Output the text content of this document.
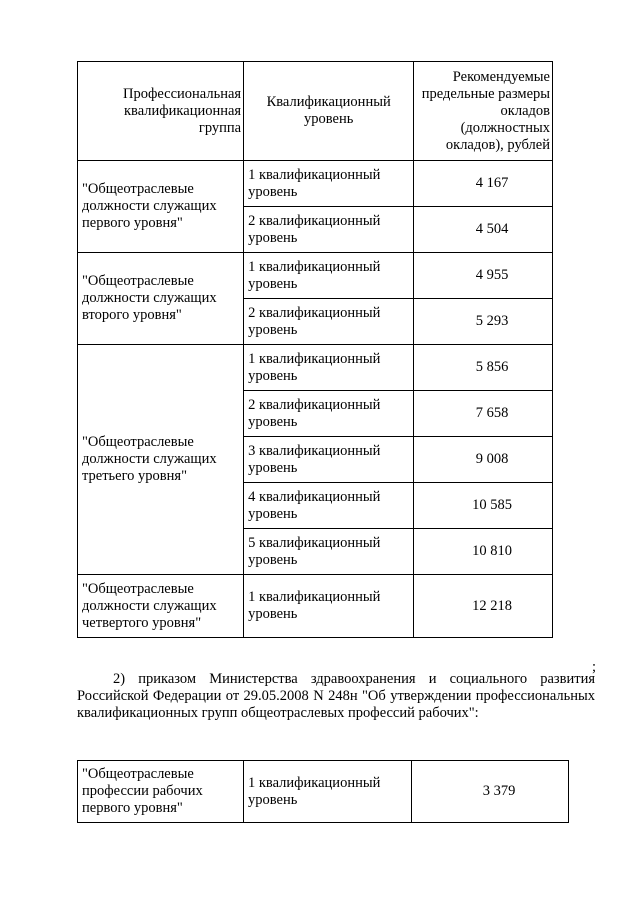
Профессиональная квалификационная группа	Квалификационный уровень	Рекомендуемые предельные размеры окладов (должностных окладов), рублей
"Общеотраслевые должности служащих первого уровня"	1 квалификационный уровень	4 167
	2 квалификационный уровень	4 504
"Общеотраслевые должности служащих второго уровня"	1 квалификационный уровень	4 955
	2 квалификационный уровень	5 293
"Общеотраслевые должности служащих третьего уровня"	1 квалификационный уровень	5 856
	2 квалификационный уровень	7 658
	3 квалификационный уровень	9 008
	4 квалификационный уровень	10 585
	5 квалификационный уровень	10 810
"Общеотраслевые должности служащих четвертого уровня"	1 квалификационный уровень	12 218
;
2) приказом Министерства здравоохранения и социального развития Российской Федерации от 29.05.2008 N 248н "Об утверждении профессиональных квалификационных групп общеотраслевых профессий рабочих":
"Общеотраслевые профессии рабочих первого уровня"	1 квалификационный уровень	3 379
